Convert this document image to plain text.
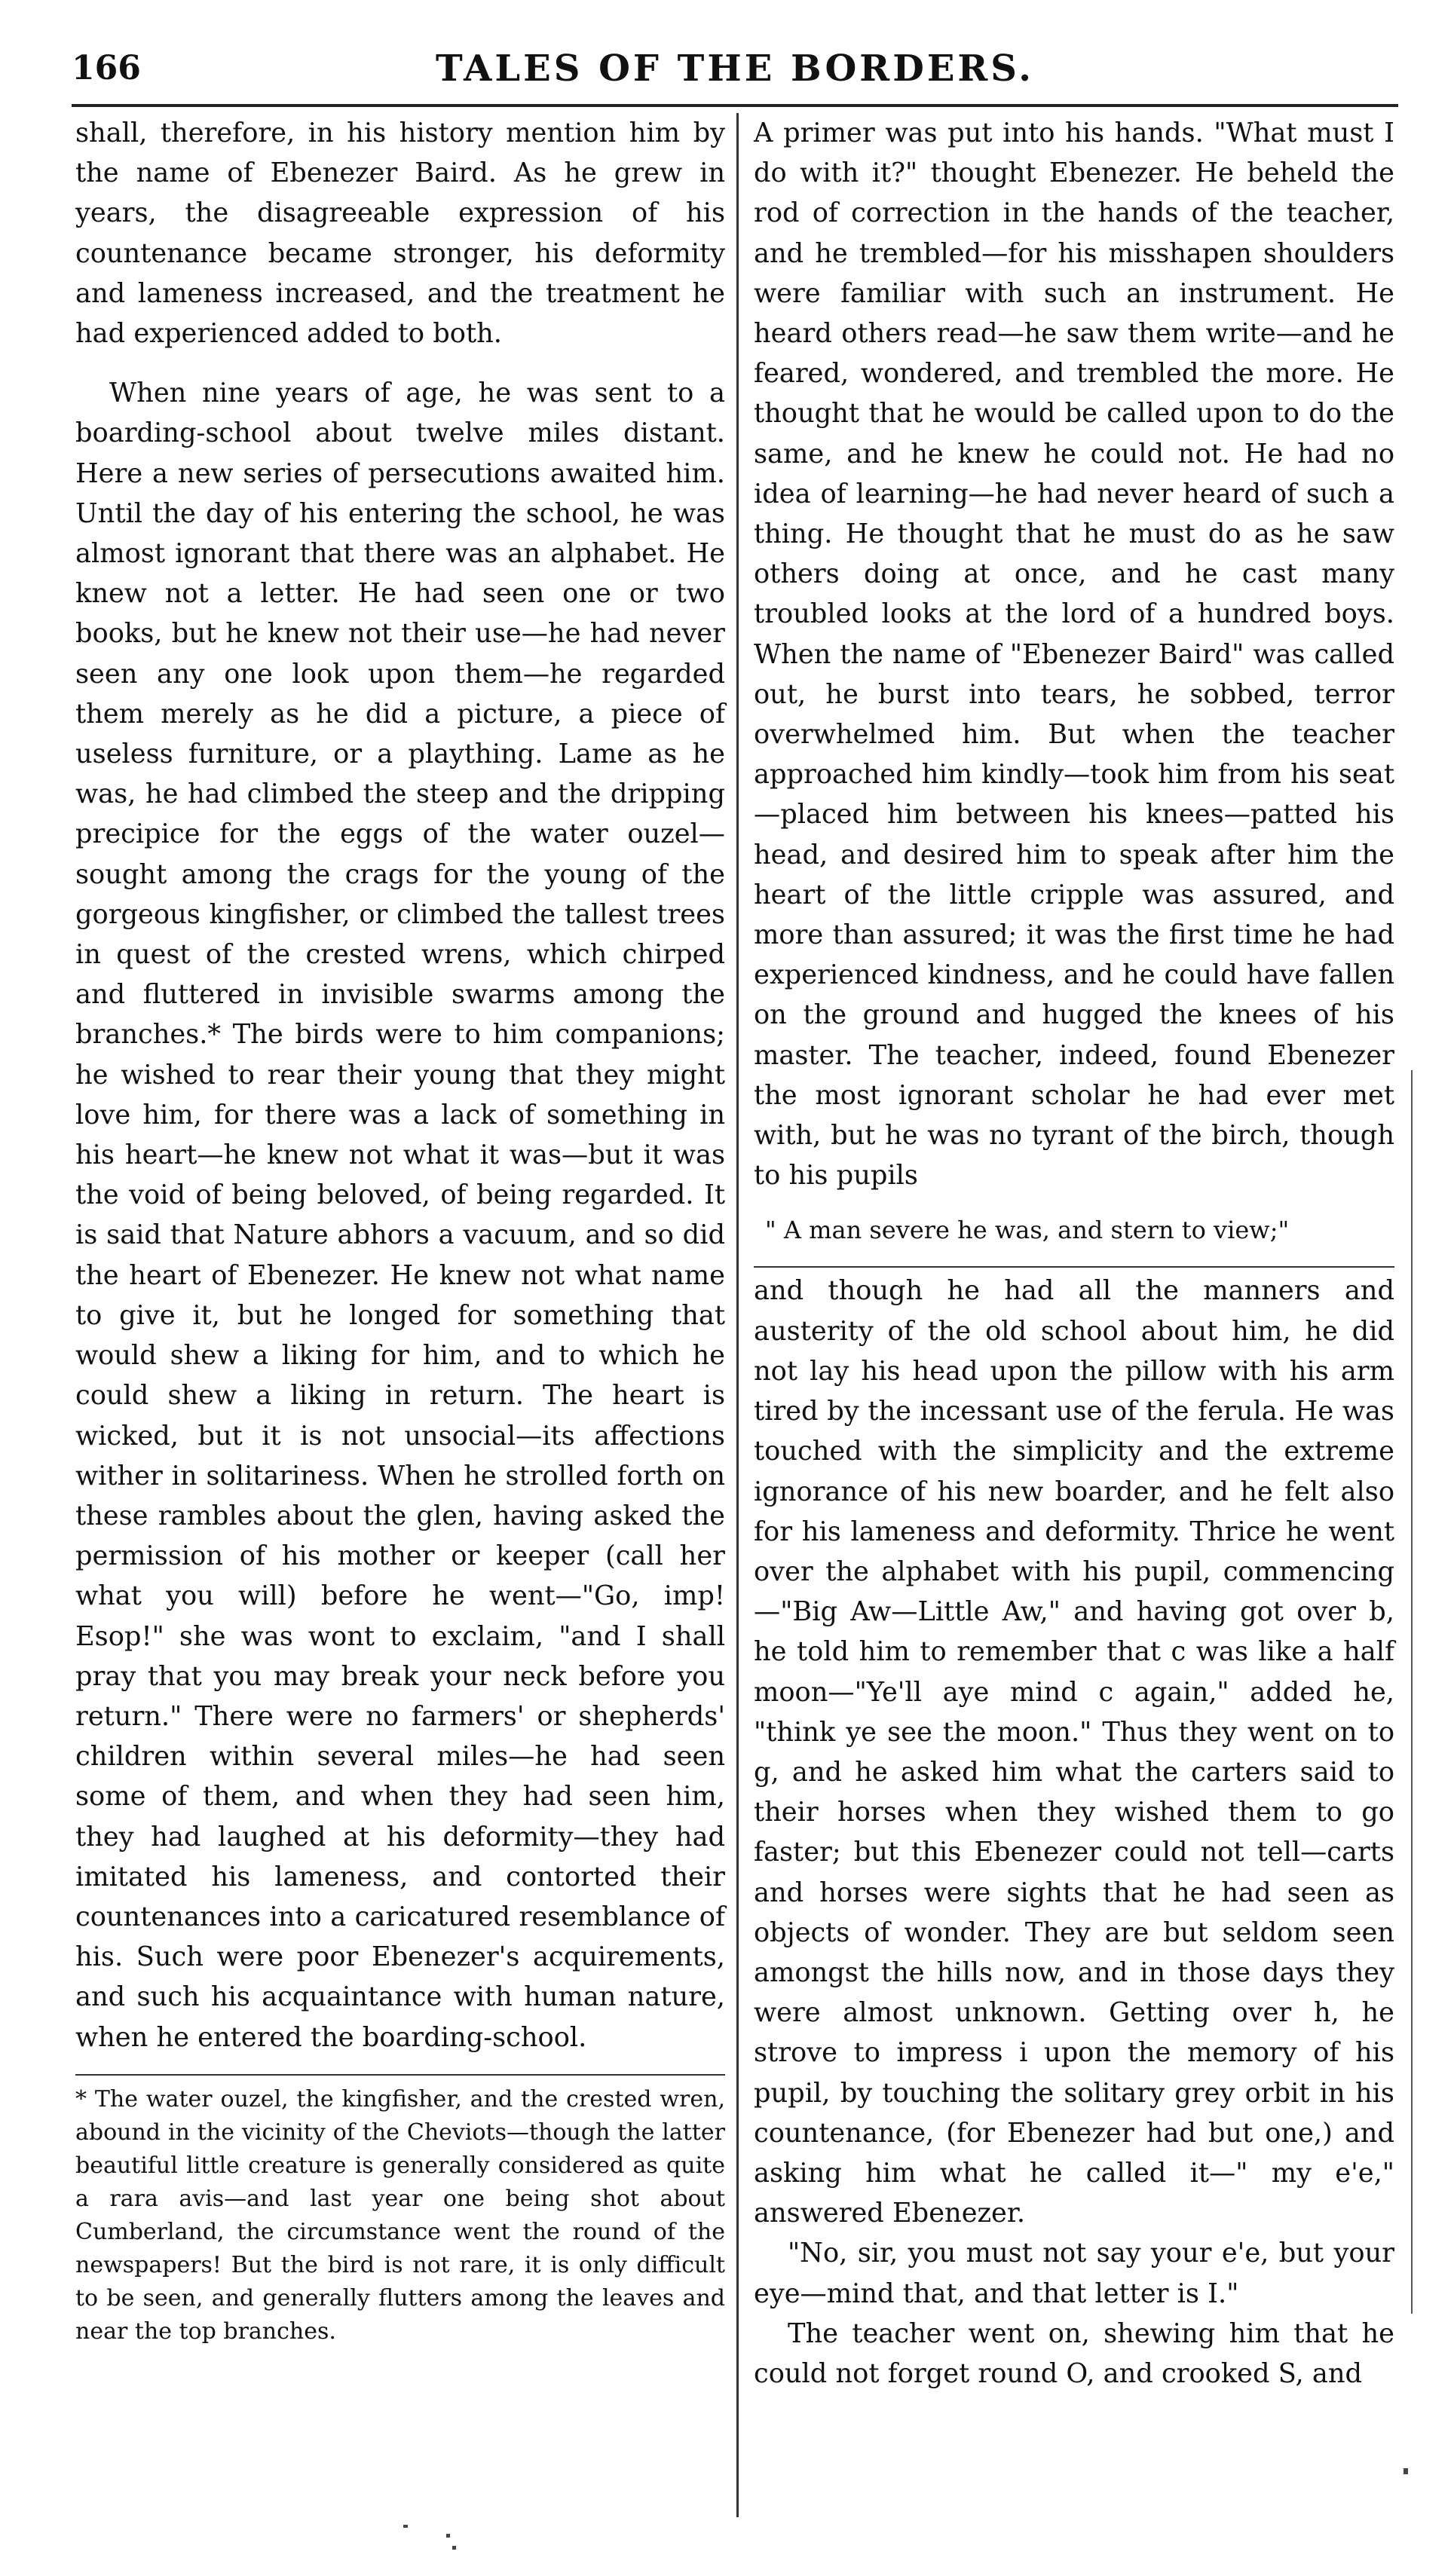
166	TALES OF THE BORDERS.

shall, therefore, in his history mention him by the name of Ebenezer Baird. As he grew in years, the disagreeable expression of his countenance became stronger, his deformity and lameness increased, and the treatment he had experienced added to both.

When nine years of age, he was sent to a boarding-school about twelve miles distant. Here a new series of persecutions awaited him. Until the day of his entering the school, he was almost ignorant that there was an alphabet. He knew not a letter. He had seen one or two books, but he knew not their use—he had never seen any one look upon them—he regarded them merely as he did a picture, a piece of useless furniture, or a plaything. Lame as he was, he had climbed the steep and the dripping precipice for the eggs of the water ouzel—sought among the crags for the young of the gorgeous kingfisher, or climbed the tallest trees in quest of the crested wrens, which chirped and fluttered in invisible swarms among the branches.* The birds were to him companions; he wished to rear their young that they might love him, for there was a lack of something in his heart—he knew not what it was—but it was the void of being beloved, of being regarded. It is said that Nature abhors a vacuum, and so did the heart of Ebenezer. He knew not what name to give it, but he longed for something that would shew a liking for him, and to which he could shew a liking in return. The heart is wicked, but it is not unsocial—its affections wither in solitariness. When he strolled forth on these rambles about the glen, having asked the permission of his mother or keeper (call her what you will) before he went—"Go, imp! Esop!" she was wont to exclaim, "and I shall pray that you may break your neck before you return." There were no farmers' or shepherds' children within several miles—he had seen some of them, and when they had seen him, they had laughed at his deformity—they had imitated his lameness, and contorted their countenances into a caricatured resemblance of his. Such were poor Ebenezer's acquirements, and such his acquaintance with human nature, when he entered the boarding-school.

* The water ouzel, the kingfisher, and the crested wren, abound in the vicinity of the Cheviots—though the latter beautiful little creature is generally considered as quite a rara avis—and last year one being shot about Cumberland, the circumstance went the round of the newspapers! But the bird is not rare, it is only difficult to be seen, and generally flutters among the leaves and near the top branches.

A primer was put into his hands. "What must I do with it?" thought Ebenezer. He beheld the rod of correction in the hands of the teacher, and he trembled—for his misshapen shoulders were familiar with such an instrument. He heard others read—he saw them write—and he feared, wondered, and trembled the more. He thought that he would be called upon to do the same, and he knew he could not. He had no idea of learning—he had never heard of such a thing. He thought that he must do as he saw others doing at once, and he cast many troubled looks at the lord of a hundred boys. When the name of "Ebenezer Baird" was called out, he burst into tears, he sobbed, terror overwhelmed him. But when the teacher approached him kindly—took him from his seat—placed him between his knees—patted his head, and desired him to speak after him the heart of the little cripple was assured, and more than assured; it was the first time he had experienced kindness, and he could have fallen on the ground and hugged the knees of his master. The teacher, indeed, found Ebenezer the most ignorant scholar he had ever met with, but he was no tyrant of the birch, though to his pupils

" A man severe he was, and stern to view;"

and though he had all the manners and austerity of the old school about him, he did not lay his head upon the pillow with his arm tired by the incessant use of the ferula. He was touched with the simplicity and the extreme ignorance of his new boarder, and he felt also for his lameness and deformity. Thrice he went over the alphabet with his pupil, commencing—"Big Aw—Little Aw," and having got over b, he told him to remember that c was like a half moon—"Ye'll aye mind c again," added he, "think ye see the moon." Thus they went on to g, and he asked him what the carters said to their horses when they wished them to go faster; but this Ebenezer could not tell—carts and horses were sights that he had seen as objects of wonder. They are but seldom seen amongst the hills now, and in those days they were almost unknown. Getting over h, he strove to impress i upon the memory of his pupil, by touching the solitary grey orbit in his countenance, (for Ebenezer had but one,) and asking him what he called it—" my e'e," answered Ebenezer.

"No, sir, you must not say your e'e, but your eye—mind that, and that letter is I."

The teacher went on, shewing him that he could not forget round O, and crooked S, and
